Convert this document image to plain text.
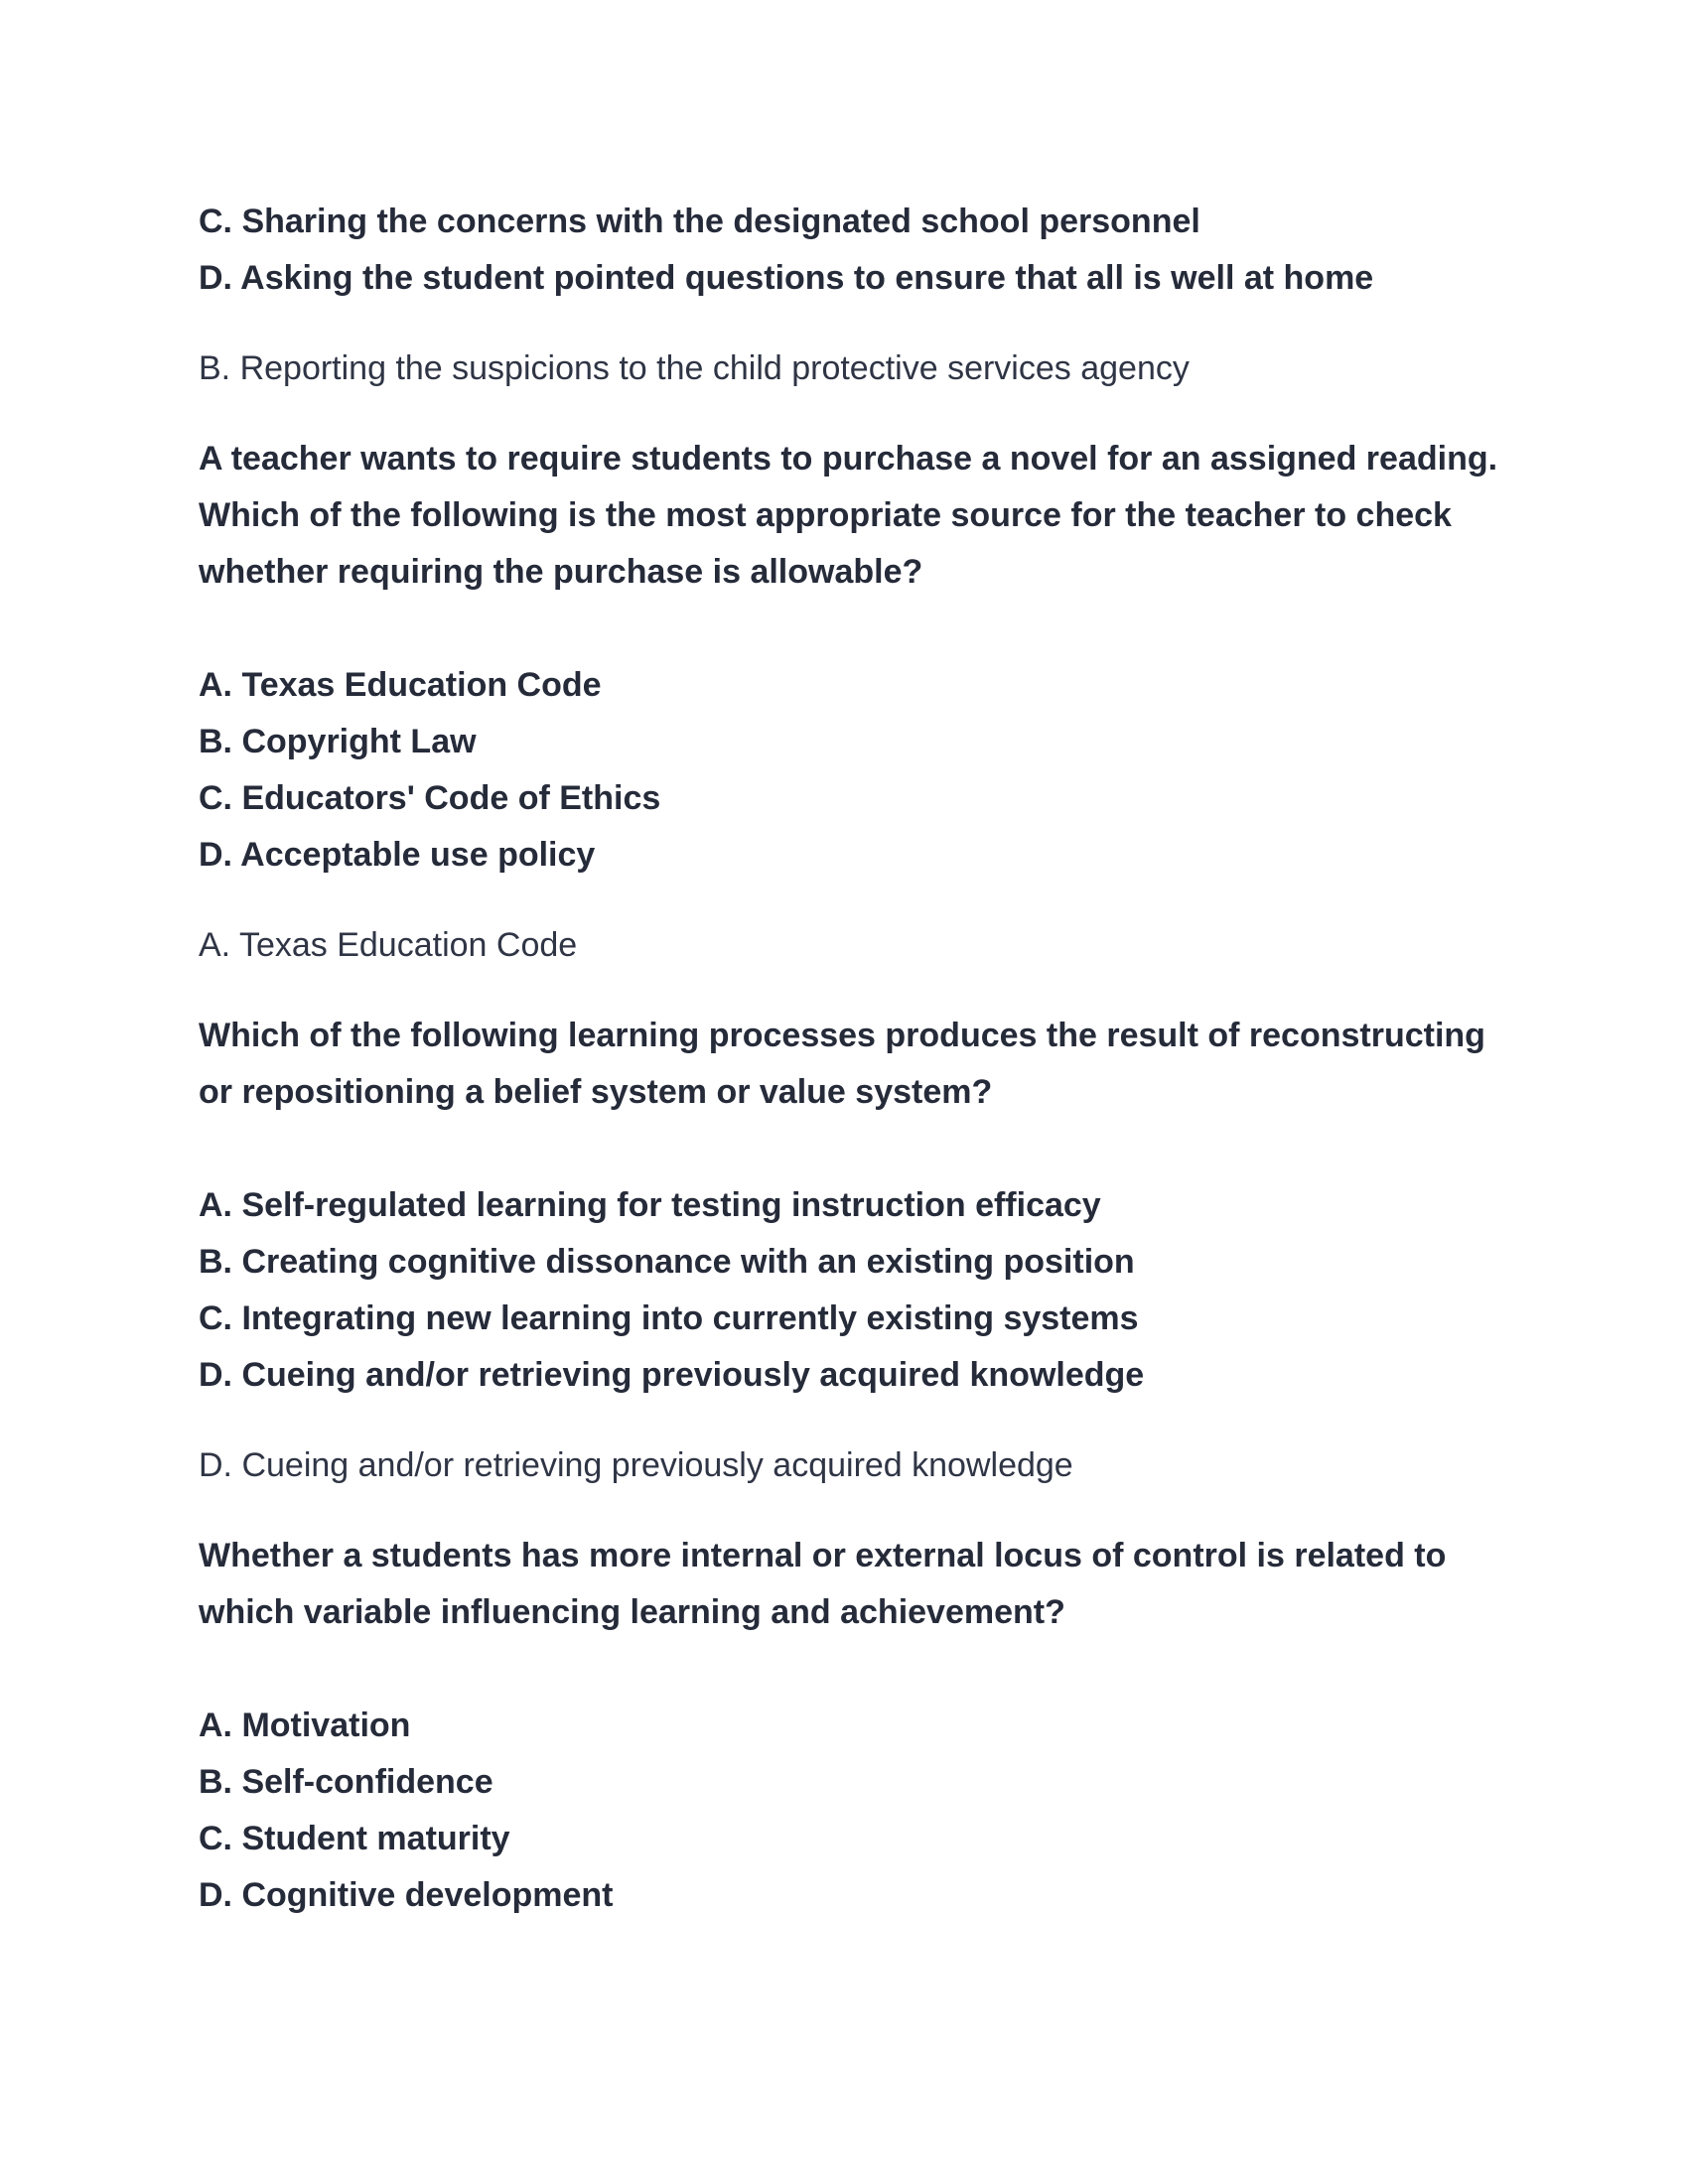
C. Sharing the concerns with the designated school personnel
D. Asking the student pointed questions to ensure that all is well at home
B. Reporting the suspicions to the child protective services agency
A teacher wants to require students to purchase a novel for an assigned reading.
Which of the following is the most appropriate source for the teacher to check
whether requiring the purchase is allowable?
A. Texas Education Code
B. Copyright Law
C. Educators' Code of Ethics
D. Acceptable use policy
A. Texas Education Code
Which of the following learning processes produces the result of reconstructing
or repositioning a belief system or value system?
A. Self-regulated learning for testing instruction efficacy
B. Creating cognitive dissonance with an existing position
C. Integrating new learning into currently existing systems
D. Cueing and/or retrieving previously acquired knowledge
D. Cueing and/or retrieving previously acquired knowledge
Whether a students has more internal or external locus of control is related to
which variable influencing learning and achievement?
A. Motivation
B. Self-confidence
C. Student maturity
D. Cognitive development
